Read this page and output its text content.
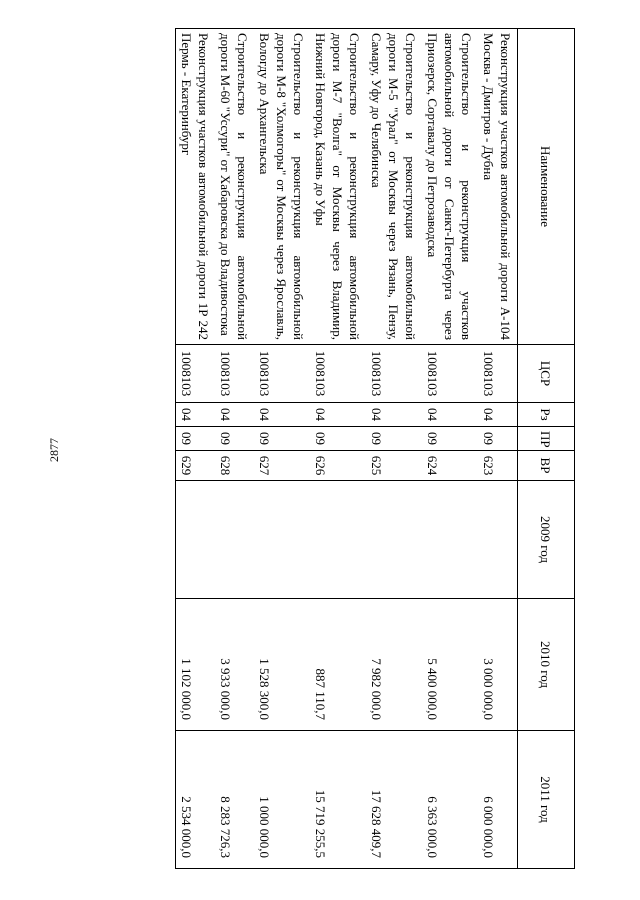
2877
Наименование	ЦСР	Рз	ПР	ВР	2009 год	2010 год	2011 год
Реконструкция участков автомобильной дороги А-104 Москва - Дмитров - Дубна	1008103	04	09	623		3 000 000,0	6 000 000,0
Строительство и реконструкция участков автомобильной дороги от Санкт-Петербурга через Приозерск, Сортавалу до Петрозаводска	1008103	04	09	624		5 400 000,0	6 363 000,0
Строительство и реконструкция автомобильной дороги М-5 "Урал" от Москвы через Рязань, Пензу, Самару, Уфу до Челябинска	1008103	04	09	625		7 982 000,0	17 628 409,7
Строительство и реконструкция автомобильной дороги М-7 "Волга" от Москвы через Владимир, Нижний Новгород, Казань до Уфы	1008103	04	09	626		887 110,7	15 719 255,5
Строительство и реконструкция автомобильной дороги М-8 "Холмогоры" от Москвы через Ярославль, Вологду до Архангельска	1008103	04	09	627		1 528 300,0	1 000 000,0
Строительство и реконструкция автомобильной дороги М-60 "Уссури" от Хабаровска до Владивостока	1008103	04	09	628		3 933 000,0	8 283 726,3
Реконструкция участков автомобильной дороги 1Р 242 Пермь - Екатеринбург	1008103	04	09	629		1 102 000,0	2 534 000,0
